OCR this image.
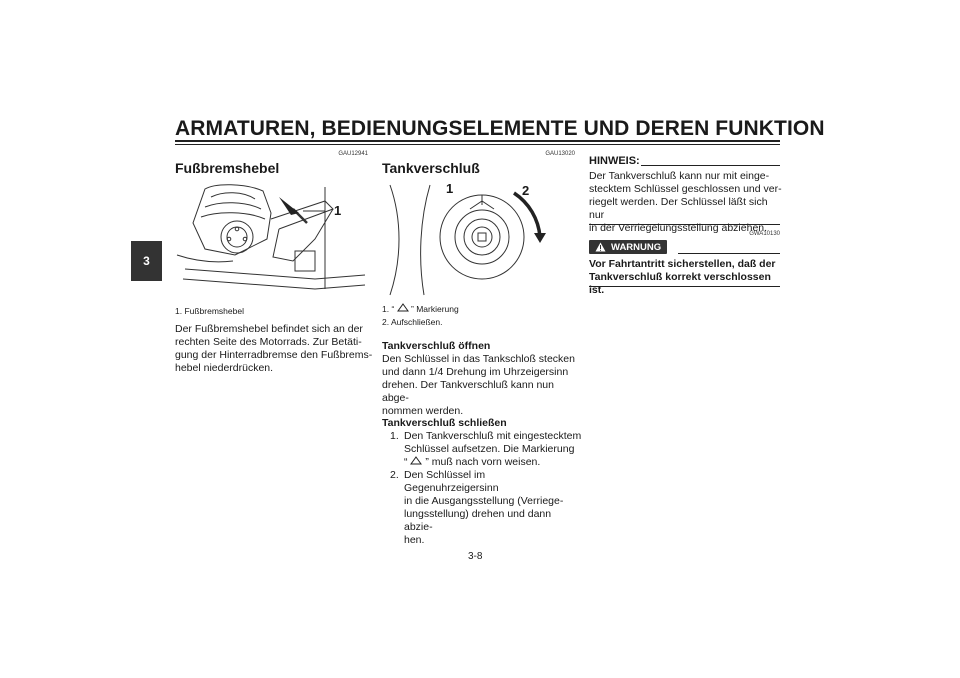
ARMATUREN, BEDIENUNGSELEMENTE UND DEREN FUNKTION
3
GAU12941
Fußbremshebel
1
1. Fußbremshebel
Der Fußbremshebel befindet sich an der
rechten Seite des Motorrads. Zur Betäti-
gung der Hinterradbremse den Fußbrems-
hebel niederdrücken.
GAU13020
Tankverschluß
1	2
1. “ ” Markierung
2. Aufschließen.
Tankverschluß öffnen
Den Schlüssel in das Tankschloß stecken
und dann 1/4 Drehung im Uhrzeigersinn
drehen. Der Tankverschluß kann nun abge-
nommen werden.
Tankverschluß schließen
1. Den Tankverschluß mit eingestecktem
Schlüssel aufsetzen. Die Markierung
“ ” muß nach vorn weisen.
2. Den Schlüssel im Gegenuhrzeigersinn
in die Ausgangsstellung (Verriege-
lungsstellung) drehen und dann abzie-
hen.
HINWEIS:
Der Tankverschluß kann nur mit einge-
stecktem Schlüssel geschlossen und ver-
riegelt werden. Der Schlüssel läßt sich nur
in der Verriegelungsstellung abziehen.
GWA10130
WARNUNG
Vor Fahrtantritt sicherstellen, daß der
Tankverschluß korrekt verschlossen ist.
3-8
